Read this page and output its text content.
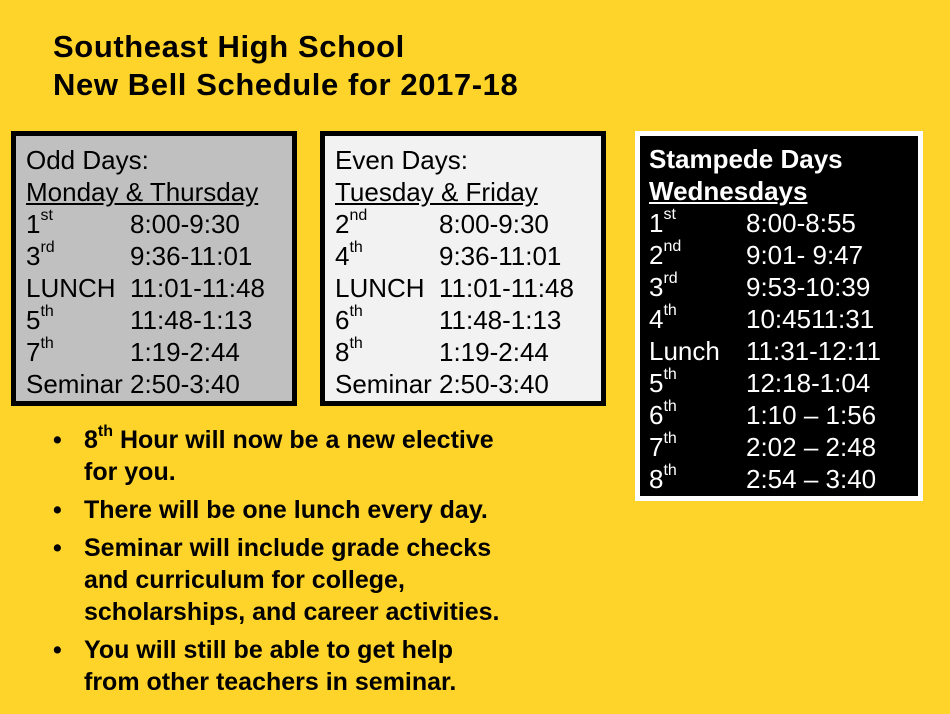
Southeast High School
New Bell Schedule for 2017-18
Odd Days:
Monday & Thursday
1st	8:00-9:30
3rd	9:36-11:01
LUNCH 11:01-11:48
5th	11:48-1:13
7th	1:19-2:44
Seminar 2:50-3:40
Even Days:
Tuesday & Friday
2nd	8:00-9:30
4th	9:36-11:01
LUNCH 11:01-11:48
6th	11:48-1:13
8th	1:19-2:44
Seminar 2:50-3:40
Stampede Days
Wednesdays
1st	8:00-8:55
2nd 9:01- 9:47
3rd	9:53-10:39
4th	10:4511:31
Lunch 11:31-12:11
5th	12:18-1:04
6th	1:10 – 1:56
7th	2:02 – 2:48
8th	2:54 – 3:40
• 8th Hour will now be a new elective
for you.
• There will be one lunch every day.
• Seminar will include grade checks
and curriculum for college,
scholarships, and career activities.
• You will still be able to get help
from other teachers in seminar.
